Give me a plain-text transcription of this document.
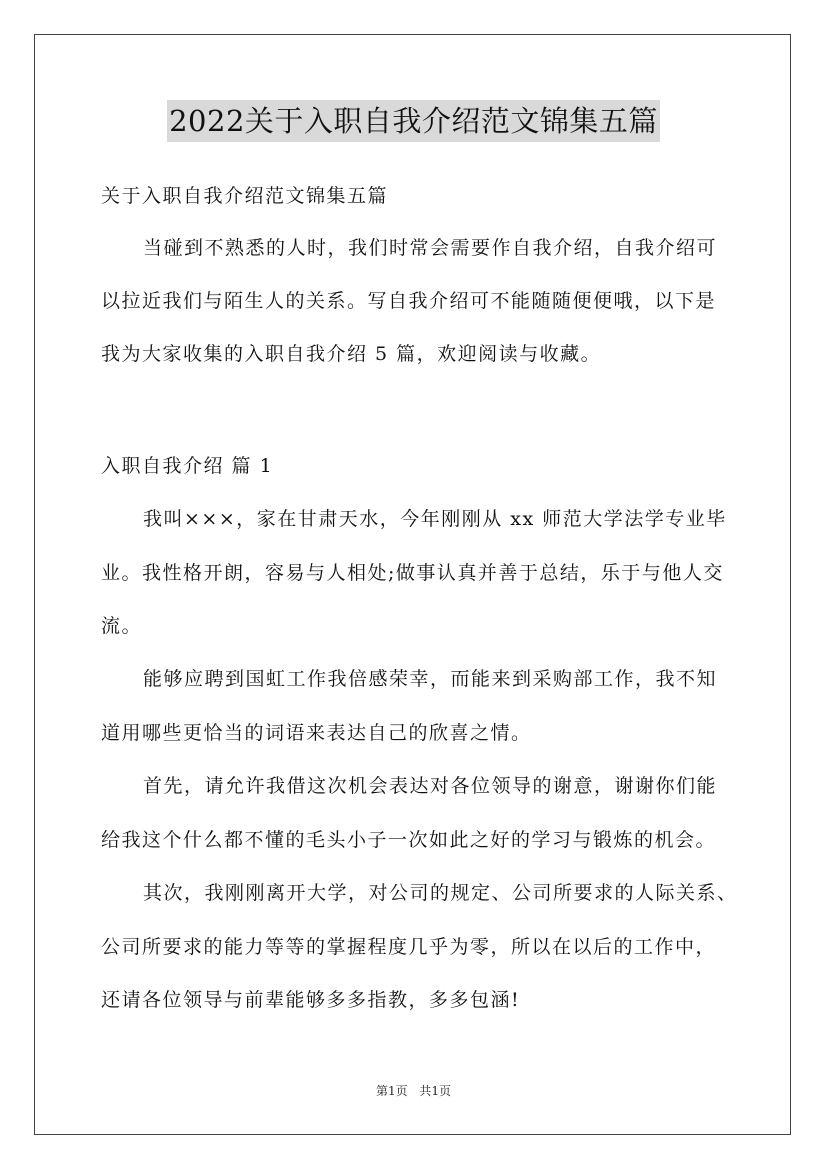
2022关于入职自我介绍范文锦集五篇
关于入职自我介绍范文锦集五篇
当碰到不熟悉的人时，我们时常会需要作自我介绍，自我介绍可
以拉近我们与陌生人的关系。写自我介绍可不能随随便便哦，以下是
我为大家收集的入职自我介绍 5 篇，欢迎阅读与收藏。
入职自我介绍 篇 1
我叫×××，家在甘肃天水，今年刚刚从 xx 师范大学法学专业毕
业。我性格开朗，容易与人相处;做事认真并善于总结，乐于与他人交
流。
能够应聘到国虹工作我倍感荣幸，而能来到采购部工作，我不知
道用哪些更恰当的词语来表达自己的欣喜之情。
首先，请允许我借这次机会表达对各位领导的谢意，谢谢你们能
给我这个什么都不懂的毛头小子一次如此之好的学习与锻炼的机会。
其次，我刚刚离开大学，对公司的规定、公司所要求的人际关系、
公司所要求的能力等等的掌握程度几乎为零，所以在以后的工作中，
还请各位领导与前辈能够多多指教，多多包涵!
第1页 共1页
